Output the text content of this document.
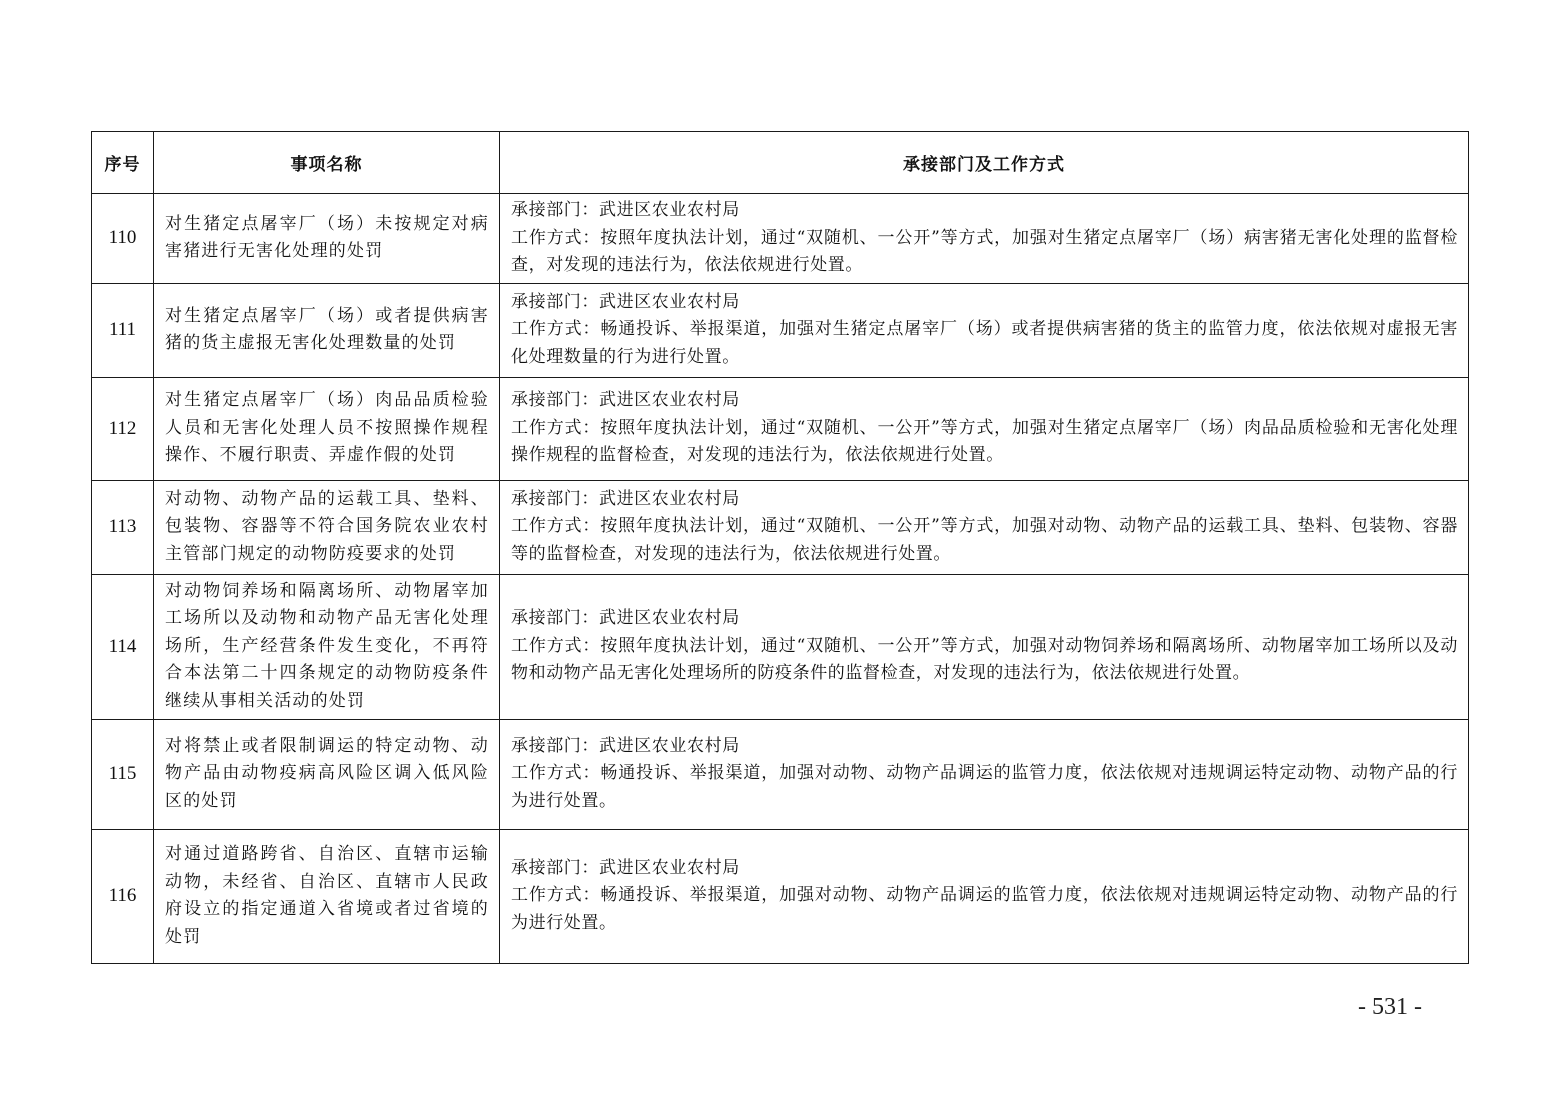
序号	事项名称	承接部门及工作方式
110	对生猪定点屠宰厂（场）未按规定对病害猪进行无害化处理的处罚	承接部门：武进区农业农村局
工作方式：按照年度执法计划，通过“双随机、一公开”等方式，加强对生猪定点屠宰厂（场）病害猪无害化处理的监督检查，对发现的违法行为，依法依规进行处置。

111	对生猪定点屠宰厂（场）或者提供病害猪的货主虚报无害化处理数量的处罚	承接部门：武进区农业农村局
工作方式：畅通投诉、举报渠道，加强对生猪定点屠宰厂（场）或者提供病害猪的货主的监管力度，依法依规对虚报无害化处理数量的行为进行处置。

112	对生猪定点屠宰厂（场）肉品品质检验人员和无害化处理人员不按照操作规程操作、不履行职责、弄虚作假的处罚	承接部门：武进区农业农村局
工作方式：按照年度执法计划，通过“双随机、一公开”等方式，加强对生猪定点屠宰厂（场）肉品品质检验和无害化处理操作规程的监督检查，对发现的违法行为，依法依规进行处置。

113	对动物、动物产品的运载工具、垫料、包装物、容器等不符合国务院农业农村主管部门规定的动物防疫要求的处罚	承接部门：武进区农业农村局
工作方式：按照年度执法计划，通过“双随机、一公开”等方式，加强对动物、动物产品的运载工具、垫料、包装物、容器等的监督检查，对发现的违法行为，依法依规进行处置。

114	对动物饲养场和隔离场所、动物屠宰加工场所以及动物和动物产品无害化处理场所，生产经营条件发生变化，不再符合本法第二十四条规定的动物防疫条件继续从事相关活动的处罚	承接部门：武进区农业农村局
工作方式：按照年度执法计划，通过“双随机、一公开”等方式，加强对动物饲养场和隔离场所、动物屠宰加工场所以及动物和动物产品无害化处理场所的防疫条件的监督检查，对发现的违法行为，依法依规进行处置。

115	对将禁止或者限制调运的特定动物、动物产品由动物疫病高风险区调入低风险区的处罚	承接部门：武进区农业农村局
工作方式：畅通投诉、举报渠道，加强对动物、动物产品调运的监管力度，依法依规对违规调运特定动物、动物产品的行为进行处置。

116	对通过道路跨省、自治区、直辖市运输动物，未经省、自治区、直辖市人民政府设立的指定通道入省境或者过省境的处罚	承接部门：武进区农业农村局
工作方式：畅通投诉、举报渠道，加强对动物、动物产品调运的监管力度，依法依规对违规调运特定动物、动物产品的行为进行处置。
- 531 -
